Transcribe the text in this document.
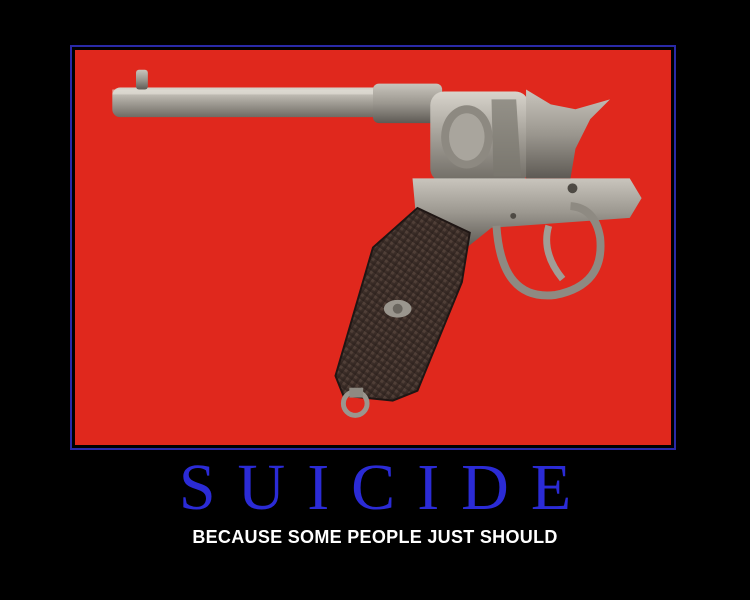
SUICIDE
BECAUSE SOME PEOPLE JUST SHOULD
